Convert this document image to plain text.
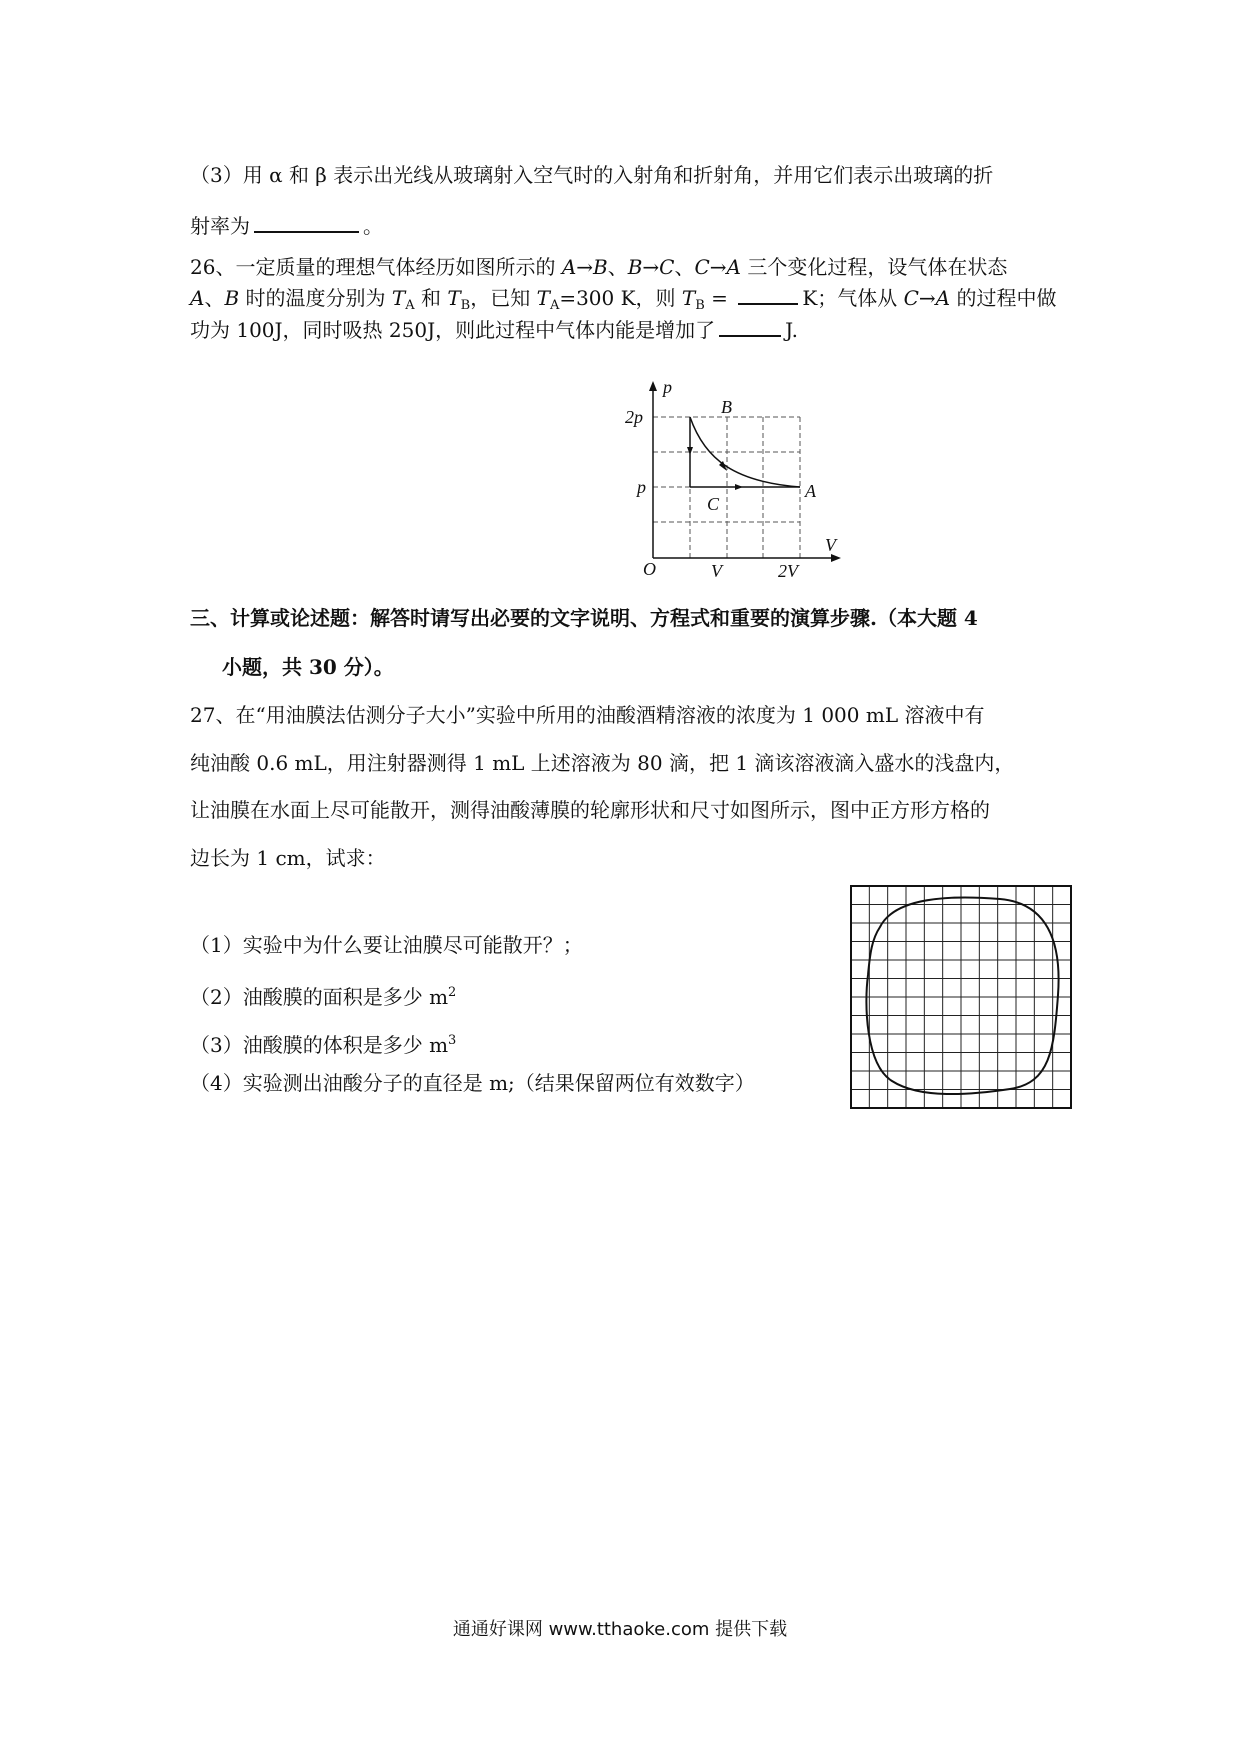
（3）用 α 和 β 表示出光线从玻璃射入空气时的入射角和折射角，并用它们表示出玻璃的折
射率为	。
26、一定质量的理想气体经历如图所示的 A→B、B→C、C→A 三个变化过程，设气体在状态
A、B 时的温度分别为 $T_A$ 和 $T_B$，已知 $T_A=300$ K，则 $T_B$ =	K；气体从 C→A 的过程中做
功为 100J，同时吸热 250J，则此过程中气体内能是增加了	J.
p
V
O
2p
p
V	2V
A
B
C
三、计算或论述题：解答时请写出必要的文字说明、方程式和重要的演算步骤.（本大题 4
小题，共 30 分）。
27、在“用油膜法估测分子大小”实验中所用的油酸酒精溶液的浓度为 1 000 mL 溶液中有
纯油酸 0.6 mL，用注射器测得 1 mL 上述溶液为 80 滴，把 1 滴该溶液滴入盛水的浅盘内，
让油膜在水面上尽可能散开，测得油酸薄膜的轮廓形状和尺寸如图所示，图中正方形方格的
边长为 1 cm，试求：
（1）实验中为什么要让油膜尽可能散开？；
（2）油酸膜的面积是多少 $m^2$
（3）油酸膜的体积是多少 $m^3$
（4）实验测出油酸分子的直径是 m;（结果保留两位有效数字）
通通好课网 www.tthaoke.com 提供下载
